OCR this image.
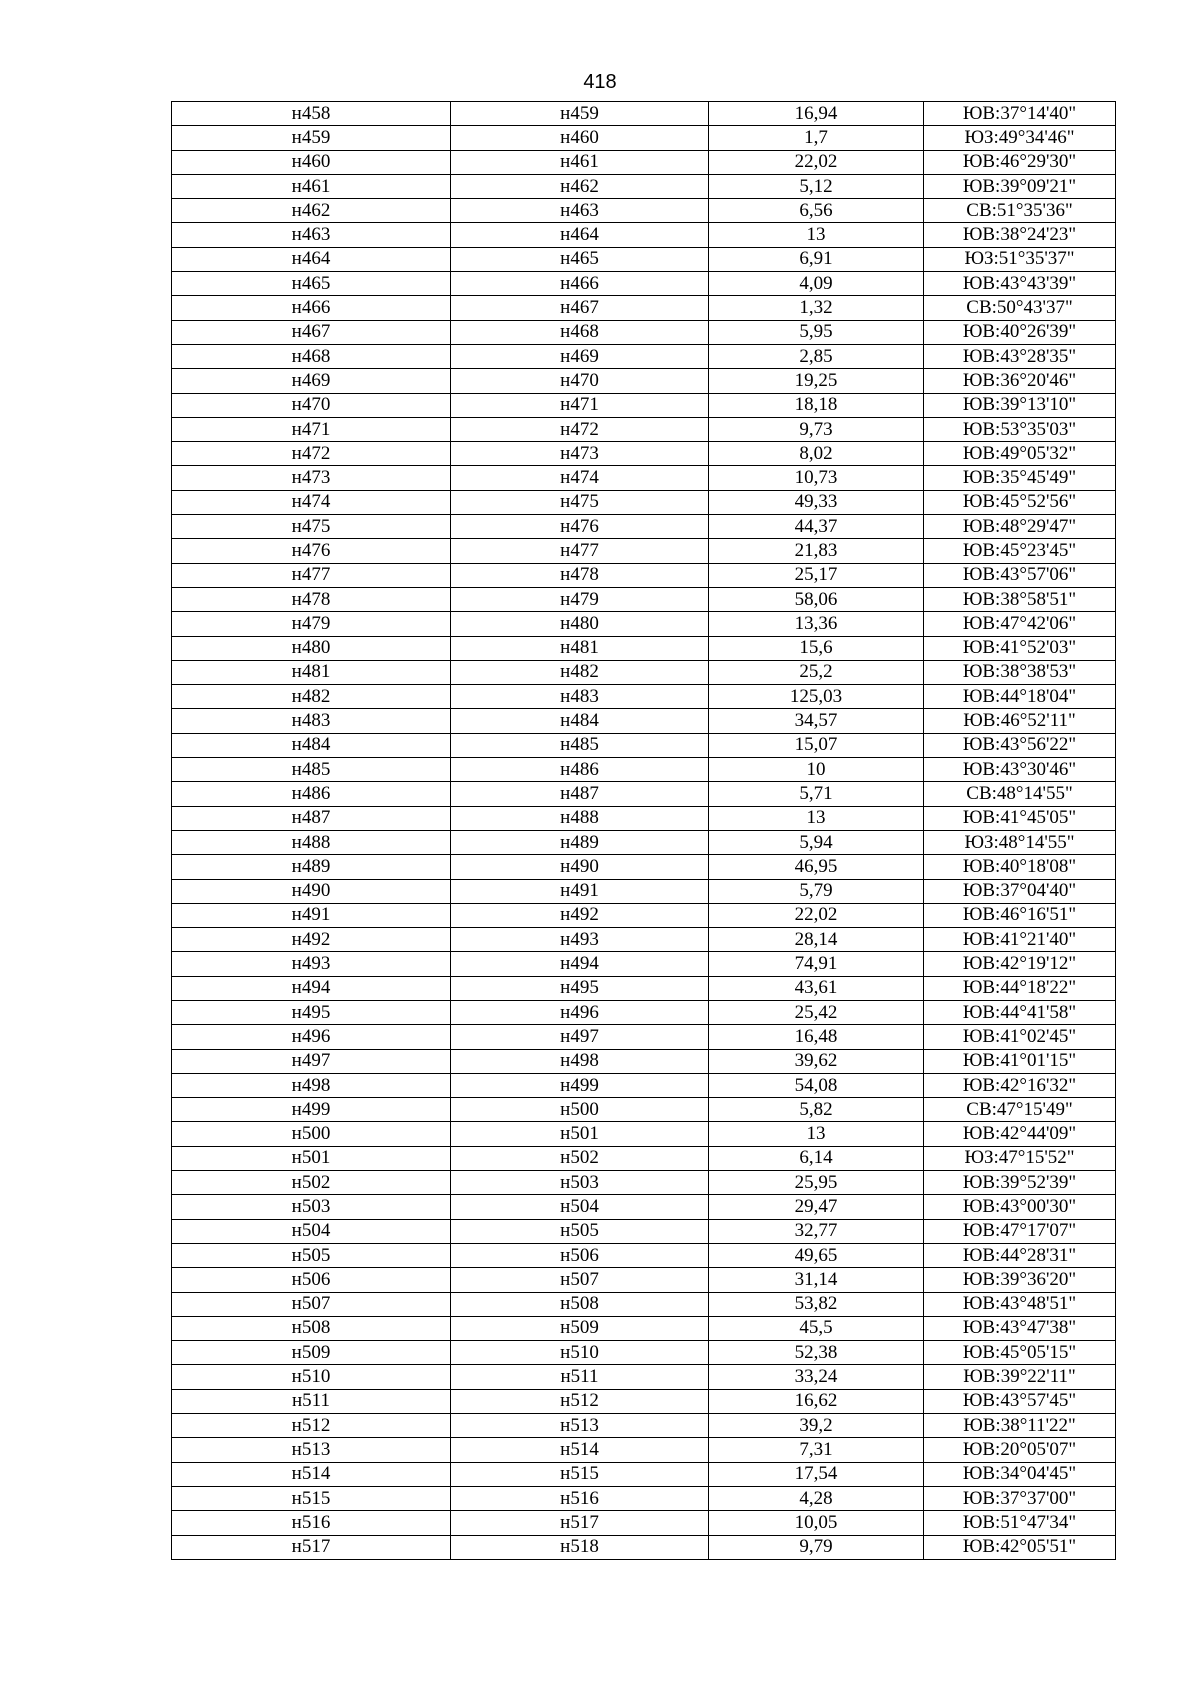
418
н458	н459	16,94	ЮВ:37°14'40"
н459	н460	1,7	ЮЗ:49°34'46"
н460	н461	22,02	ЮВ:46°29'30"
н461	н462	5,12	ЮВ:39°09'21"
н462	н463	6,56	СВ:51°35'36"
н463	н464	13	ЮВ:38°24'23"
н464	н465	6,91	ЮЗ:51°35'37"
н465	н466	4,09	ЮВ:43°43'39"
н466	н467	1,32	СВ:50°43'37"
н467	н468	5,95	ЮВ:40°26'39"
н468	н469	2,85	ЮВ:43°28'35"
н469	н470	19,25	ЮВ:36°20'46"
н470	н471	18,18	ЮВ:39°13'10"
н471	н472	9,73	ЮВ:53°35'03"
н472	н473	8,02	ЮВ:49°05'32"
н473	н474	10,73	ЮВ:35°45'49"
н474	н475	49,33	ЮВ:45°52'56"
н475	н476	44,37	ЮВ:48°29'47"
н476	н477	21,83	ЮВ:45°23'45"
н477	н478	25,17	ЮВ:43°57'06"
н478	н479	58,06	ЮВ:38°58'51"
н479	н480	13,36	ЮВ:47°42'06"
н480	н481	15,6	ЮВ:41°52'03"
н481	н482	25,2	ЮВ:38°38'53"
н482	н483	125,03	ЮВ:44°18'04"
н483	н484	34,57	ЮВ:46°52'11"
н484	н485	15,07	ЮВ:43°56'22"
н485	н486	10	ЮВ:43°30'46"
н486	н487	5,71	СВ:48°14'55"
н487	н488	13	ЮВ:41°45'05"
н488	н489	5,94	ЮЗ:48°14'55"
н489	н490	46,95	ЮВ:40°18'08"
н490	н491	5,79	ЮВ:37°04'40"
н491	н492	22,02	ЮВ:46°16'51"
н492	н493	28,14	ЮВ:41°21'40"
н493	н494	74,91	ЮВ:42°19'12"
н494	н495	43,61	ЮВ:44°18'22"
н495	н496	25,42	ЮВ:44°41'58"
н496	н497	16,48	ЮВ:41°02'45"
н497	н498	39,62	ЮВ:41°01'15"
н498	н499	54,08	ЮВ:42°16'32"
н499	н500	5,82	СВ:47°15'49"
н500	н501	13	ЮВ:42°44'09"
н501	н502	6,14	ЮЗ:47°15'52"
н502	н503	25,95	ЮВ:39°52'39"
н503	н504	29,47	ЮВ:43°00'30"
н504	н505	32,77	ЮВ:47°17'07"
н505	н506	49,65	ЮВ:44°28'31"
н506	н507	31,14	ЮВ:39°36'20"
н507	н508	53,82	ЮВ:43°48'51"
н508	н509	45,5	ЮВ:43°47'38"
н509	н510	52,38	ЮВ:45°05'15"
н510	н511	33,24	ЮВ:39°22'11"
н511	н512	16,62	ЮВ:43°57'45"
н512	н513	39,2	ЮВ:38°11'22"
н513	н514	7,31	ЮВ:20°05'07"
н514	н515	17,54	ЮВ:34°04'45"
н515	н516	4,28	ЮВ:37°37'00"
н516	н517	10,05	ЮВ:51°47'34"
н517	н518	9,79	ЮВ:42°05'51"
